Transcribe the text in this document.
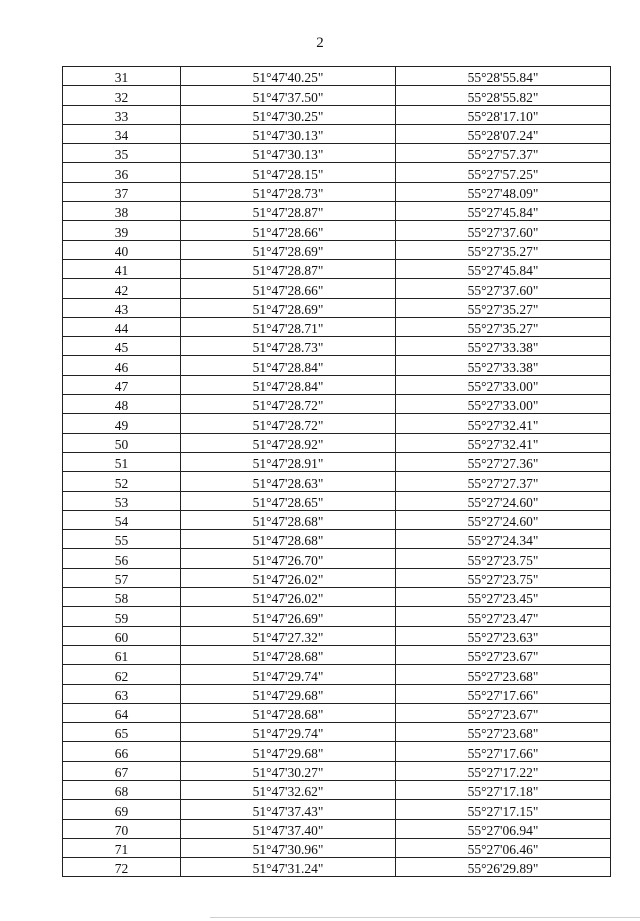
2
31	51°47'40.25"	55°28'55.84"
32	51°47'37.50"	55°28'55.82"
33	51°47'30.25"	55°28'17.10"
34	51°47'30.13"	55°28'07.24"
35	51°47'30.13"	55°27'57.37"
36	51°47'28.15"	55°27'57.25"
37	51°47'28.73"	55°27'48.09"
38	51°47'28.87"	55°27'45.84"
39	51°47'28.66"	55°27'37.60"
40	51°47'28.69"	55°27'35.27"
41	51°47'28.87"	55°27'45.84"
42	51°47'28.66"	55°27'37.60"
43	51°47'28.69"	55°27'35.27"
44	51°47'28.71"	55°27'35.27"
45	51°47'28.73"	55°27'33.38"
46	51°47'28.84"	55°27'33.38"
47	51°47'28.84"	55°27'33.00"
48	51°47'28.72"	55°27'33.00"
49	51°47'28.72"	55°27'32.41"
50	51°47'28.92"	55°27'32.41"
51	51°47'28.91"	55°27'27.36"
52	51°47'28.63"	55°27'27.37"
53	51°47'28.65"	55°27'24.60"
54	51°47'28.68"	55°27'24.60"
55	51°47'28.68"	55°27'24.34"
56	51°47'26.70"	55°27'23.75"
57	51°47'26.02"	55°27'23.75"
58	51°47'26.02"	55°27'23.45"
59	51°47'26.69"	55°27'23.47"
60	51°47'27.32"	55°27'23.63"
61	51°47'28.68"	55°27'23.67"
62	51°47'29.74"	55°27'23.68"
63	51°47'29.68"	55°27'17.66"
64	51°47'28.68"	55°27'23.67"
65	51°47'29.74"	55°27'23.68"
66	51°47'29.68"	55°27'17.66"
67	51°47'30.27"	55°27'17.22"
68	51°47'32.62"	55°27'17.18"
69	51°47'37.43"	55°27'17.15"
70	51°47'37.40"	55°27'06.94"
71	51°47'30.96"	55°27'06.46"
72	51°47'31.24"	55°26'29.89"
